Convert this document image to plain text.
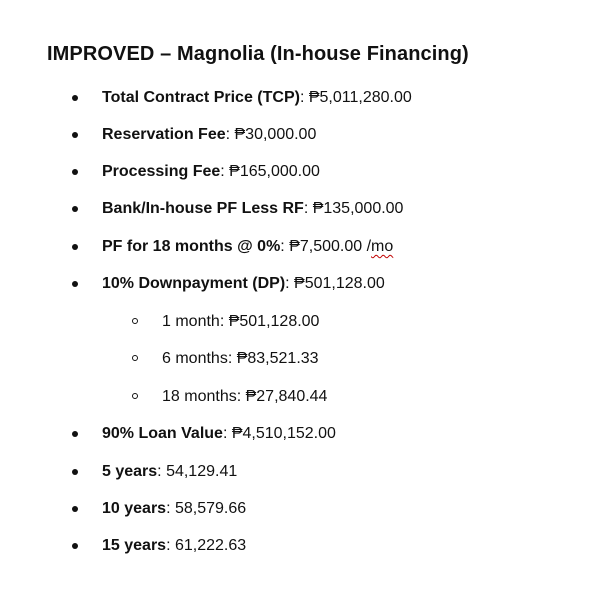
IMPROVED – Magnolia (In-house Financing)
Total Contract Price (TCP): ₱5,011,280.00
Reservation Fee: ₱30,000.00
Processing Fee: ₱165,000.00
Bank/In-house PF Less RF: ₱135,000.00
PF for 18 months @ 0%: ₱7,500.00 /mo
10% Downpayment (DP): ₱501,128.00
1 month: ₱501,128.00
6 months: ₱83,521.33
18 months: ₱27,840.44
90% Loan Value: ₱4,510,152.00
5 years: 54,129.41
10 years: 58,579.66
15 years: 61,222.63
